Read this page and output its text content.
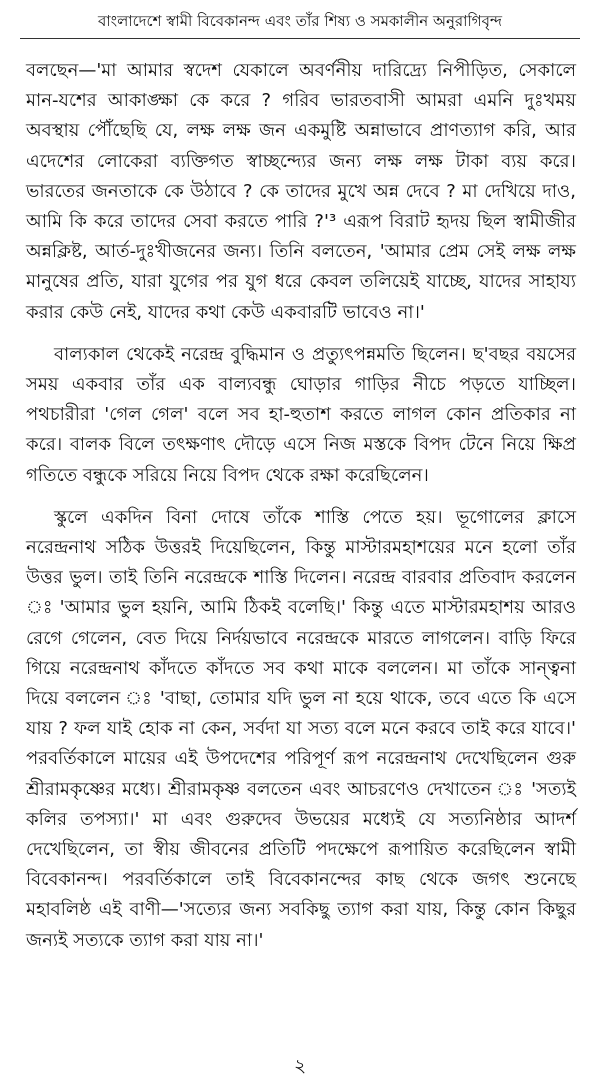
বাংলাদেশে স্বামী বিবেকানন্দ এবং তাঁর শিষ্য ও সমকালীন অনুরাগিবৃন্দ

বলছেন—'মা আমার স্বদেশ যেকালে অবর্ণনীয় দারিদ্র্যে নিপীড়িত, সেকালে মান-যশের আকাঙ্ক্ষা কে করে ? গরিব ভারতবাসী আমরা এমনি দুঃখময় অবস্থায় পৌঁছেছি যে, লক্ষ লক্ষ জন একমুষ্টি অন্নাভাবে প্রাণত্যাগ করি, আর এদেশের লোকেরা ব্যক্তিগত স্বাচ্ছন্দ্যের জন্য লক্ষ লক্ষ টাকা ব্যয় করে। ভারতের জনতাকে কে উঠাবে ? কে তাদের মুখে অন্ন দেবে ? মা দেখিয়ে দাও, আমি কি করে তাদের সেবা করতে পারি ?'³ এরূপ বিরাট হৃদয় ছিল স্বামীজীর অন্নক্লিষ্ট, আর্ত-দুঃখীজনের জন্য। তিনি বলতেন, 'আমার প্রেম সেই লক্ষ লক্ষ মানুষের প্রতি, যারা যুগের পর যুগ ধরে কেবল তলিয়েই যাচ্ছে, যাদের সাহায্য করার কেউ নেই, যাদের কথা কেউ একবারটি ভাবেও না।'

বাল্যকাল থেকেই নরেন্দ্র বুদ্ধিমান ও প্রত্যুৎপন্নমতি ছিলেন। ছ'বছর বয়সের সময় একবার তাঁর এক বাল্যবন্ধু ঘোড়ার গাড়ির নীচে পড়তে যাচ্ছিল। পথচারীরা 'গেল গেল' বলে সব হা-হুতাশ করতে লাগল কোন প্রতিকার না করে। বালক বিলে তৎক্ষণাৎ দৌড়ে এসে নিজ মস্তকে বিপদ টেনে নিয়ে ক্ষিপ্র গতিতে বন্ধুকে সরিয়ে নিয়ে বিপদ থেকে রক্ষা করেছিলেন।

স্কুলে একদিন বিনা দোষে তাঁকে শাস্তি পেতে হয়। ভূগোলের ক্লাসে নরেন্দ্রনাথ সঠিক উত্তরই দিয়েছিলেন, কিন্তু মাস্টারমহাশয়ের মনে হলো তাঁর উত্তর ভুল। তাই তিনি নরেন্দ্রকে শাস্তি দিলেন। নরেন্দ্র বারবার প্রতিবাদ করলেন ঃ 'আমার ভুল হয়নি, আমি ঠিকই বলেছি।' কিন্তু এতে মাস্টারমহাশয় আরও রেগে গেলেন, বেত দিয়ে নির্দয়ভাবে নরেন্দ্রকে মারতে লাগলেন। বাড়ি ফিরে গিয়ে নরেন্দ্রনাথ কাঁদতে কাঁদতে সব কথা মাকে বললেন। মা তাঁকে সান্ত্বনা দিয়ে বললেন ঃ 'বাছা, তোমার যদি ভুল না হয়ে থাকে, তবে এতে কি এসে যায় ? ফল যাই হোক না কেন, সর্বদা যা সত্য বলে মনে করবে তাই করে যাবে।' পরবর্তিকালে মায়ের এই উপদেশের পরিপূর্ণ রূপ নরেন্দ্রনাথ দেখেছিলেন গুরু শ্রীরামকৃষ্ণের মধ্যে। শ্রীরামকৃষ্ণ বলতেন এবং আচরণেও দেখাতেন ঃ 'সত্যই কলির তপস্যা।' মা এবং গুরুদেব উভয়ের মধ্যেই যে সত্যনিষ্ঠার আদর্শ দেখেছিলেন, তা স্বীয় জীবনের প্রতিটি পদক্ষেপে রূপায়িত করেছিলেন স্বামী বিবেকানন্দ। পরবর্তিকালে তাই বিবেকানন্দের কাছ থেকে জগৎ শুনেছে মহাবলিষ্ঠ এই বাণী—'সত্যের জন্য সবকিছু ত্যাগ করা যায়, কিন্তু কোন কিছুর জন্যই সত্যকে ত্যাগ করা যায় না।'

২
